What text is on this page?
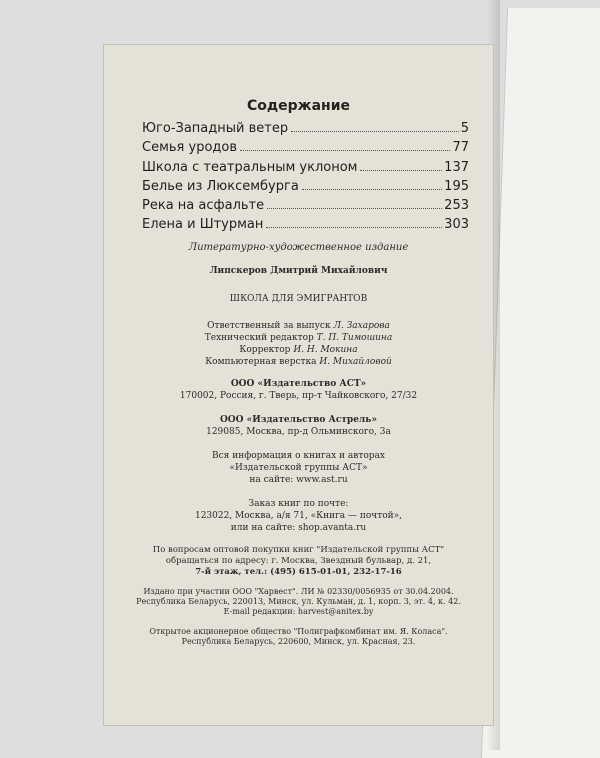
Содержание
Юго-Западный ветер	5
Семья уродов	77
Школа с театральным уклоном	137
Белье из Люксембурга	195
Река на асфальте	253
Елена и Штурман	303
Литературно-художественное издание
Липскеров Дмитрий Михайлович
ШКОЛА ДЛЯ ЭМИГРАНТОВ
Ответственный за выпуск Л. Захарова
Технический редактор Т. П. Тимошина
Корректор И. Н. Мокина
Компьютерная верстка И. Михайловой
ООО «Издательство АСТ»
170002, Россия, г. Тверь, пр-т Чайковского, 27/32
ООО «Издательство Астрель»
129085, Москва, пр-д Ольминского, 3а
Вся информация о книгах и авторах
«Издательской группы АСТ»
на сайте: www.ast.ru
Заказ книг по почте:
123022, Москва, а/я 71, «Книга — почтой»,
или на сайте: shop.avanta.ru
По вопросам оптовой покупки книг "Издательской группы АСТ"
обращаться по адресу: г. Москва, Звездный бульвар, д. 21,
7-й этаж, тел.: (495) 615-01-01, 232-17-16
Издано при участии ООО "Харвест". ЛИ № 02330/0056935 от 30.04.2004.
Республика Беларусь, 220013, Минск, ул. Кульман, д. 1, корп. 3, эт. 4, к. 42.
E-mail редакции: harvest@anitex.by
Открытое акционерное общество "Полиграфкомбинат им. Я. Коласа".
Республика Беларусь, 220600, Минск, ул. Красная, 23.
